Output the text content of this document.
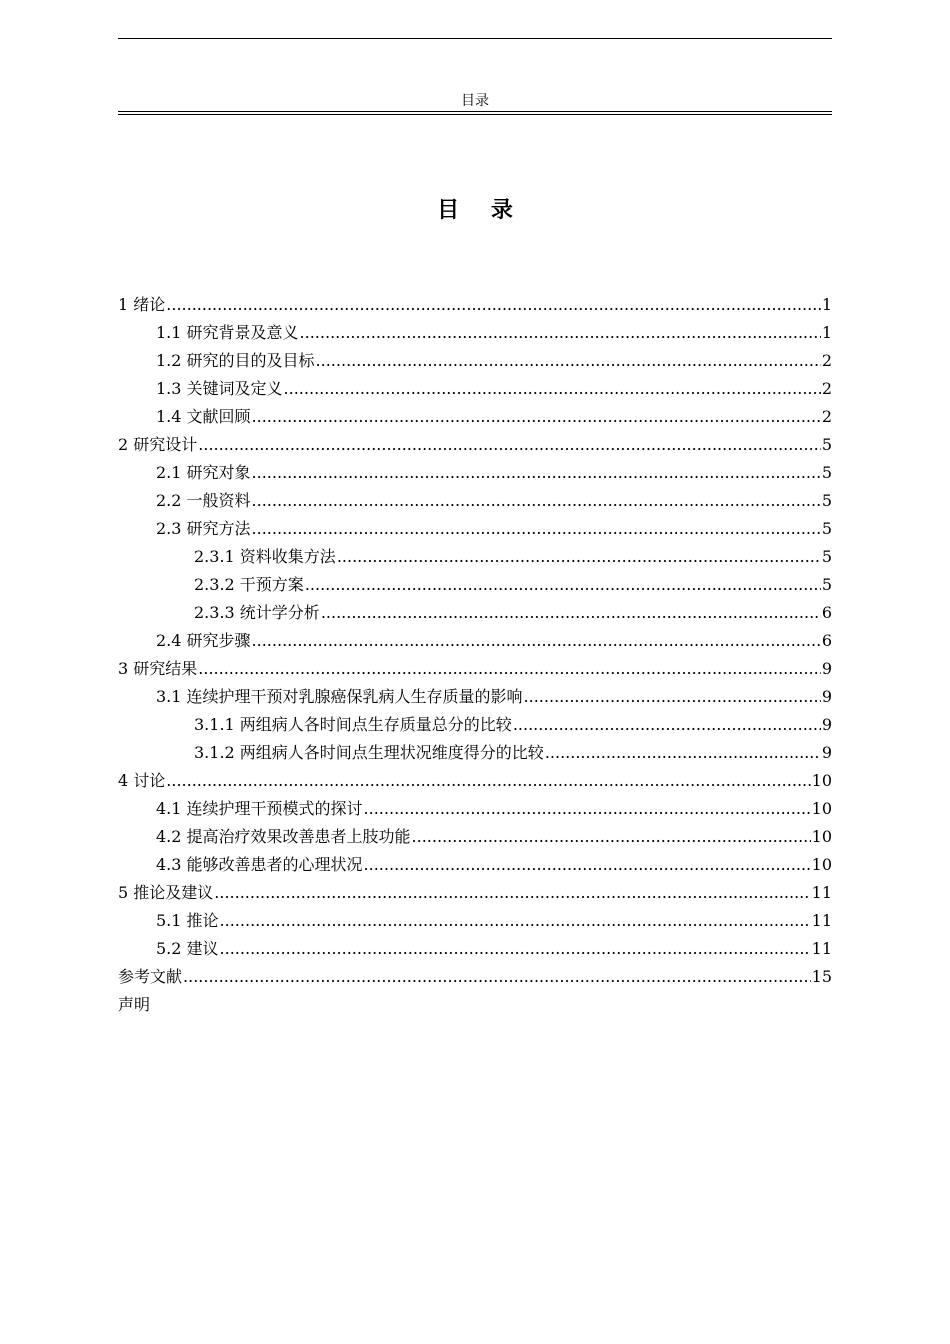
目录
目 录
1 绪论 .....	1
1.1 研究背景及意义 .....	1
1.2 研究的目的及目标 .....	2
1.3 关键词及定义 .....	2
1.4 文献回顾 .....	2
2 研究设计 .....	5
2.1 研究对象 .....	5
2.2 一般资料 .....	5
2.3 研究方法 .....	5
2.3.1 资料收集方法 .....	5
2.3.2 干预方案 .....	5
2.3.3 统计学分析 .....	6
2.4 研究步骤 .....	6
3 研究结果 .....	9
3.1 连续护理干预对乳腺癌保乳病人生存质量的影响 .....	9
3.1.1 两组病人各时间点生存质量总分的比较 .....	9
3.1.2 两组病人各时间点生理状况维度得分的比较 .....	9
4 讨论 .....	10
4.1 连续护理干预模式的探讨 .....	10
4.2 提高治疗效果改善患者上肢功能 .....	10
4.3 能够改善患者的心理状况 .....	10
5 推论及建议 .....	11
5.1 推论 .....	11
5.2 建议 .....	11
参考文献 .....	15
声明
